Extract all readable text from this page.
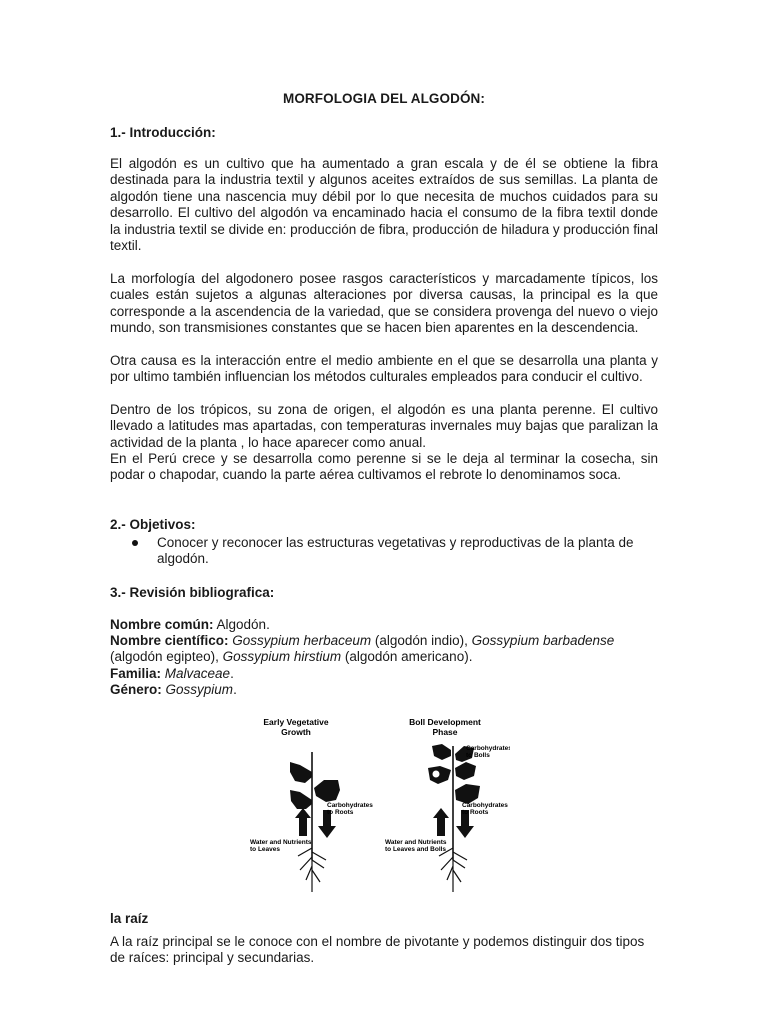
MORFOLOGIA DEL ALGODÓN:
1.- Introducción:

El algodón es un cultivo que ha aumentado a gran escala y de él se obtiene la fibra destinada para la industria textil y algunos aceites extraídos de sus semillas. La planta de algodón tiene una nascencia muy débil por lo que necesita de muchos cuidados para su desarrollo. El cultivo del algodón va encaminado hacia el consumo de la fibra textil donde la industria textil se divide en: producción de fibra, producción de hiladura y producción final textil.

La morfología del algodonero posee rasgos característicos y marcadamente típicos, los cuales están sujetos a algunas alteraciones por diversa causas, la principal es la que corresponde a la ascendencia de la variedad, que se considera provenga del nuevo o viejo mundo, son transmisiones constantes que se hacen bien aparentes en la descendencia.

Otra causa es la interacción entre el medio ambiente en el que se desarrolla una planta y por ultimo también influencian los métodos culturales empleados para conducir el cultivo.

Dentro de los trópicos, su zona de origen, el algodón es una planta perenne. El cultivo llevado a latitudes mas apartadas, con temperaturas invernales muy bajas que paralizan la actividad de la planta , lo hace aparecer como anual.

En el Perú crece y se desarrolla como perenne si se le deja al terminar la cosecha, sin podar o chapodar, cuando la parte aérea cultivamos el rebrote lo denominamos soca.

2.- Objetivos:
Conocer y reconocer las estructuras vegetativas y reproductivas de la planta de algodón.
3.- Revisión bibliografica:
Nombre común: Algodón.
Nombre científico: Gossypium herbaceum (algodón indio), Gossypium barbadense (algodón egipteo), Gossypium hirstium (algodón americano).
Familia: Malvaceae.
Género: Gossypium.
la raíz

A la raíz principal se le conoce con el nombre de pivotante y podemos distinguir dos tipos de raíces: principal y secundarias.

Early Vegetative
Growth
Boll Development
Phase
Carbohydrates
to Roots
Water and Nutrients
to Leaves
Carbohydrates
to Bolls
Carbohydrates
to Roots
Water and Nutrients
to Leaves and Bolls
